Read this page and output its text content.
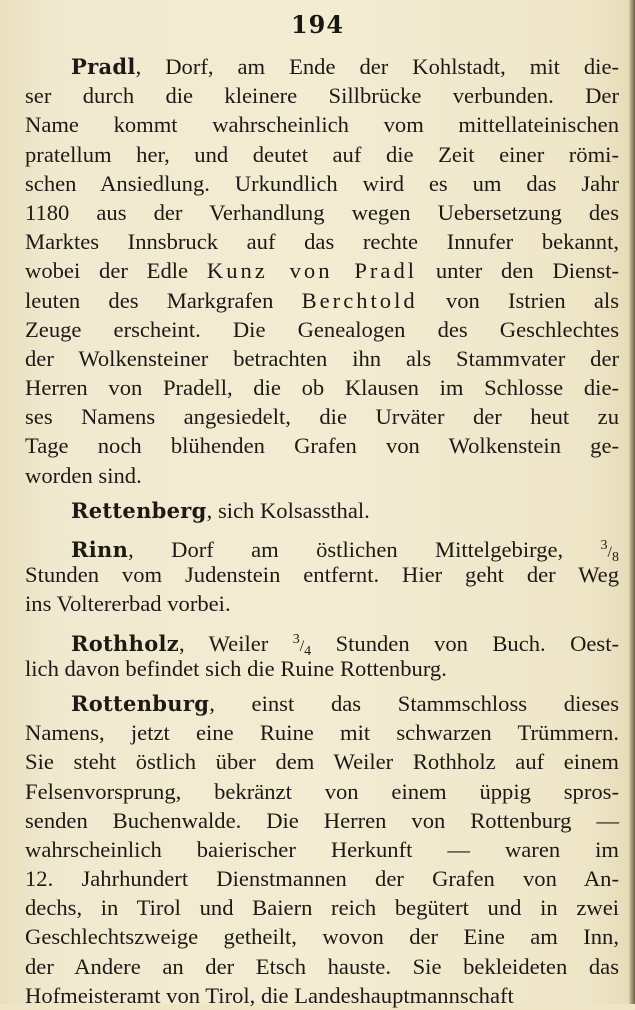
194
Pradl, Dorf, am Ende der Kohlstadt, mit die-
ser durch die kleinere Sillbrücke verbunden. Der
Name kommt wahrscheinlich vom mittellateinischen
pratellum her, und deutet auf die Zeit einer römi-
schen Ansiedlung. Urkundlich wird es um das Jahr
1180 aus der Verhandlung wegen Uebersetzung des
Marktes Innsbruck auf das rechte Innufer bekannt,
wobei der Edle Kunz von Pradl unter den Dienst-
leuten des Markgrafen Berchtold von Istrien als
Zeuge erscheint. Die Genealogen des Geschlechtes
der Wolkensteiner betrachten ihn als Stammvater der
Herren von Pradell, die ob Klausen im Schlosse die-
ses Namens angesiedelt, die Urväter der heut zu
Tage noch blühenden Grafen von Wolkenstein ge-
worden sind.
Rettenberg, sich Kolsassthal.
Rinn, Dorf am östlichen Mittelgebirge, $^3/_8$
Stunden vom Judenstein entfernt. Hier geht der Weg
ins Voltererbad vorbei.
Rothholz, Weiler $^3/_4$ Stunden von Buch. Oest-
lich davon befindet sich die Ruine Rottenburg.
Rottenburg, einst das Stammschloss dieses
Namens, jetzt eine Ruine mit schwarzen Trümmern.
Sie steht östlich über dem Weiler Rothholz auf einem
Felsenvorsprung, bekränzt von einem üppig spros-
senden Buchenwalde. Die Herren von Rottenburg —
wahrscheinlich baierischer Herkunft — waren im
12. Jahrhundert Dienstmannen der Grafen von An-
dechs, in Tirol und Baiern reich begütert und in zwei
Geschlechtszweige getheilt, wovon der Eine am Inn,
der Andere an der Etsch hauste. Sie bekleideten das
Hofmeisteramt von Tirol, die Landeshauptmannschaft
